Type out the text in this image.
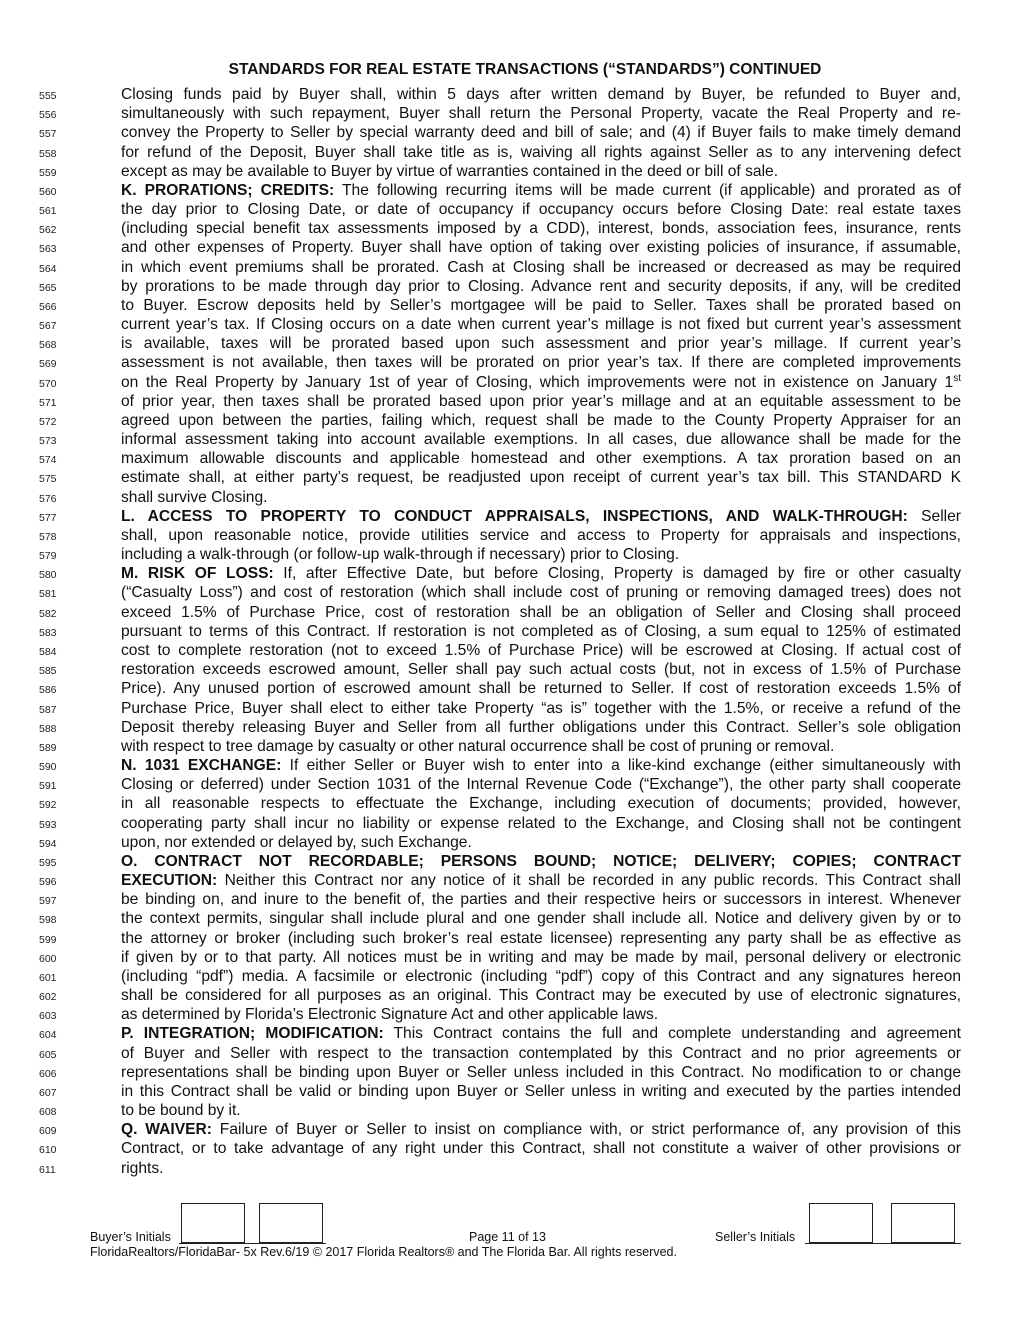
STANDARDS FOR REAL ESTATE TRANSACTIONS (“STANDARDS”) CONTINUED
555	Closing funds paid by Buyer shall, within 5 days after written demand by Buyer, be refunded to Buyer and,
556	simultaneously with such repayment, Buyer shall return the Personal Property, vacate the Real Property and re-
557	convey the Property to Seller by special warranty deed and bill of sale; and (4) if Buyer fails to make timely demand
558	for refund of the Deposit, Buyer shall take title as is, waiving all rights against Seller as to any intervening defect
559	except as may be available to Buyer by virtue of warranties contained in the deed or bill of sale.
560	K. PRORATIONS; CREDITS: The following recurring items will be made current (if applicable) and prorated as of
561	the day prior to Closing Date, or date of occupancy if occupancy occurs before Closing Date: real estate taxes
562	(including special benefit tax assessments imposed by a CDD), interest, bonds, association fees, insurance, rents
563	and other expenses of Property. Buyer shall have option of taking over existing policies of insurance, if assumable,
564	in which event premiums shall be prorated. Cash at Closing shall be increased or decreased as may be required
565	by prorations to be made through day prior to Closing. Advance rent and security deposits, if any, will be credited
566	to Buyer. Escrow deposits held by Seller’s mortgagee will be paid to Seller. Taxes shall be prorated based on
567	current year’s tax. If Closing occurs on a date when current year’s millage is not fixed but current year’s assessment
568	is available, taxes will be prorated based upon such assessment and prior year’s millage. If current year’s
569	assessment is not available, then taxes will be prorated on prior year’s tax. If there are completed improvements
570	on the Real Property by January 1st of year of Closing, which improvements were not in existence on January 1st
571	of prior year, then taxes shall be prorated based upon prior year’s millage and at an equitable assessment to be
572	agreed upon between the parties, failing which, request shall be made to the County Property Appraiser for an
573	informal assessment taking into account available exemptions. In all cases, due allowance shall be made for the
574	maximum allowable discounts and applicable homestead and other exemptions. A tax proration based on an
575	estimate shall, at either party’s request, be readjusted upon receipt of current year’s tax bill. This STANDARD K
576	shall survive Closing.
577	L. ACCESS TO PROPERTY TO CONDUCT APPRAISALS, INSPECTIONS, AND WALK-THROUGH: Seller
578	shall, upon reasonable notice, provide utilities service and access to Property for appraisals and inspections,
579	including a walk-through (or follow-up walk-through if necessary) prior to Closing.
580	M. RISK OF LOSS: If, after Effective Date, but before Closing, Property is damaged by fire or other casualty
581	(“Casualty Loss”) and cost of restoration (which shall include cost of pruning or removing damaged trees) does not
582	exceed 1.5% of Purchase Price, cost of restoration shall be an obligation of Seller and Closing shall proceed
583	pursuant to terms of this Contract. If restoration is not completed as of Closing, a sum equal to 125% of estimated
584	cost to complete restoration (not to exceed 1.5% of Purchase Price) will be escrowed at Closing. If actual cost of
585	restoration exceeds escrowed amount, Seller shall pay such actual costs (but, not in excess of 1.5% of Purchase
586	Price). Any unused portion of escrowed amount shall be returned to Seller. If cost of restoration exceeds 1.5% of
587	Purchase Price, Buyer shall elect to either take Property “as is” together with the 1.5%, or receive a refund of the
588	Deposit thereby releasing Buyer and Seller from all further obligations under this Contract. Seller’s sole obligation
589	with respect to tree damage by casualty or other natural occurrence shall be cost of pruning or removal.
590	N. 1031 EXCHANGE: If either Seller or Buyer wish to enter into a like-kind exchange (either simultaneously with
591	Closing or deferred) under Section 1031 of the Internal Revenue Code (“Exchange”), the other party shall cooperate
592	in all reasonable respects to effectuate the Exchange, including execution of documents; provided, however,
593	cooperating party shall incur no liability or expense related to the Exchange, and Closing shall not be contingent
594	upon, nor extended or delayed by, such Exchange.
595	O. CONTRACT NOT RECORDABLE; PERSONS BOUND; NOTICE; DELIVERY; COPIES; CONTRACT
596	EXECUTION: Neither this Contract nor any notice of it shall be recorded in any public records. This Contract shall
597	be binding on, and inure to the benefit of, the parties and their respective heirs or successors in interest. Whenever
598	the context permits, singular shall include plural and one gender shall include all. Notice and delivery given by or to
599	the attorney or broker (including such broker’s real estate licensee) representing any party shall be as effective as
600	if given by or to that party. All notices must be in writing and may be made by mail, personal delivery or electronic
601	(including “pdf”) media. A facsimile or electronic (including “pdf”) copy of this Contract and any signatures hereon
602	shall be considered for all purposes as an original. This Contract may be executed by use of electronic signatures,
603	as determined by Florida’s Electronic Signature Act and other applicable laws.
604	P. INTEGRATION; MODIFICATION: This Contract contains the full and complete understanding and agreement
605	of Buyer and Seller with respect to the transaction contemplated by this Contract and no prior agreements or
606	representations shall be binding upon Buyer or Seller unless included in this Contract. No modification to or change
607	in this Contract shall be valid or binding upon Buyer or Seller unless in writing and executed by the parties intended
608	to be bound by it.
609	Q. WAIVER: Failure of Buyer or Seller to insist on compliance with, or strict performance of, any provision of this
610	Contract, or to take advantage of any right under this Contract, shall not constitute a waiver of other provisions or
611	rights.
Buyer’s Initials	Page 11 of 13	Seller’s Initials
FloridaRealtors/FloridaBar- 5x Rev.6/19 © 2017 Florida Realtors® and The Florida Bar. All rights reserved.
